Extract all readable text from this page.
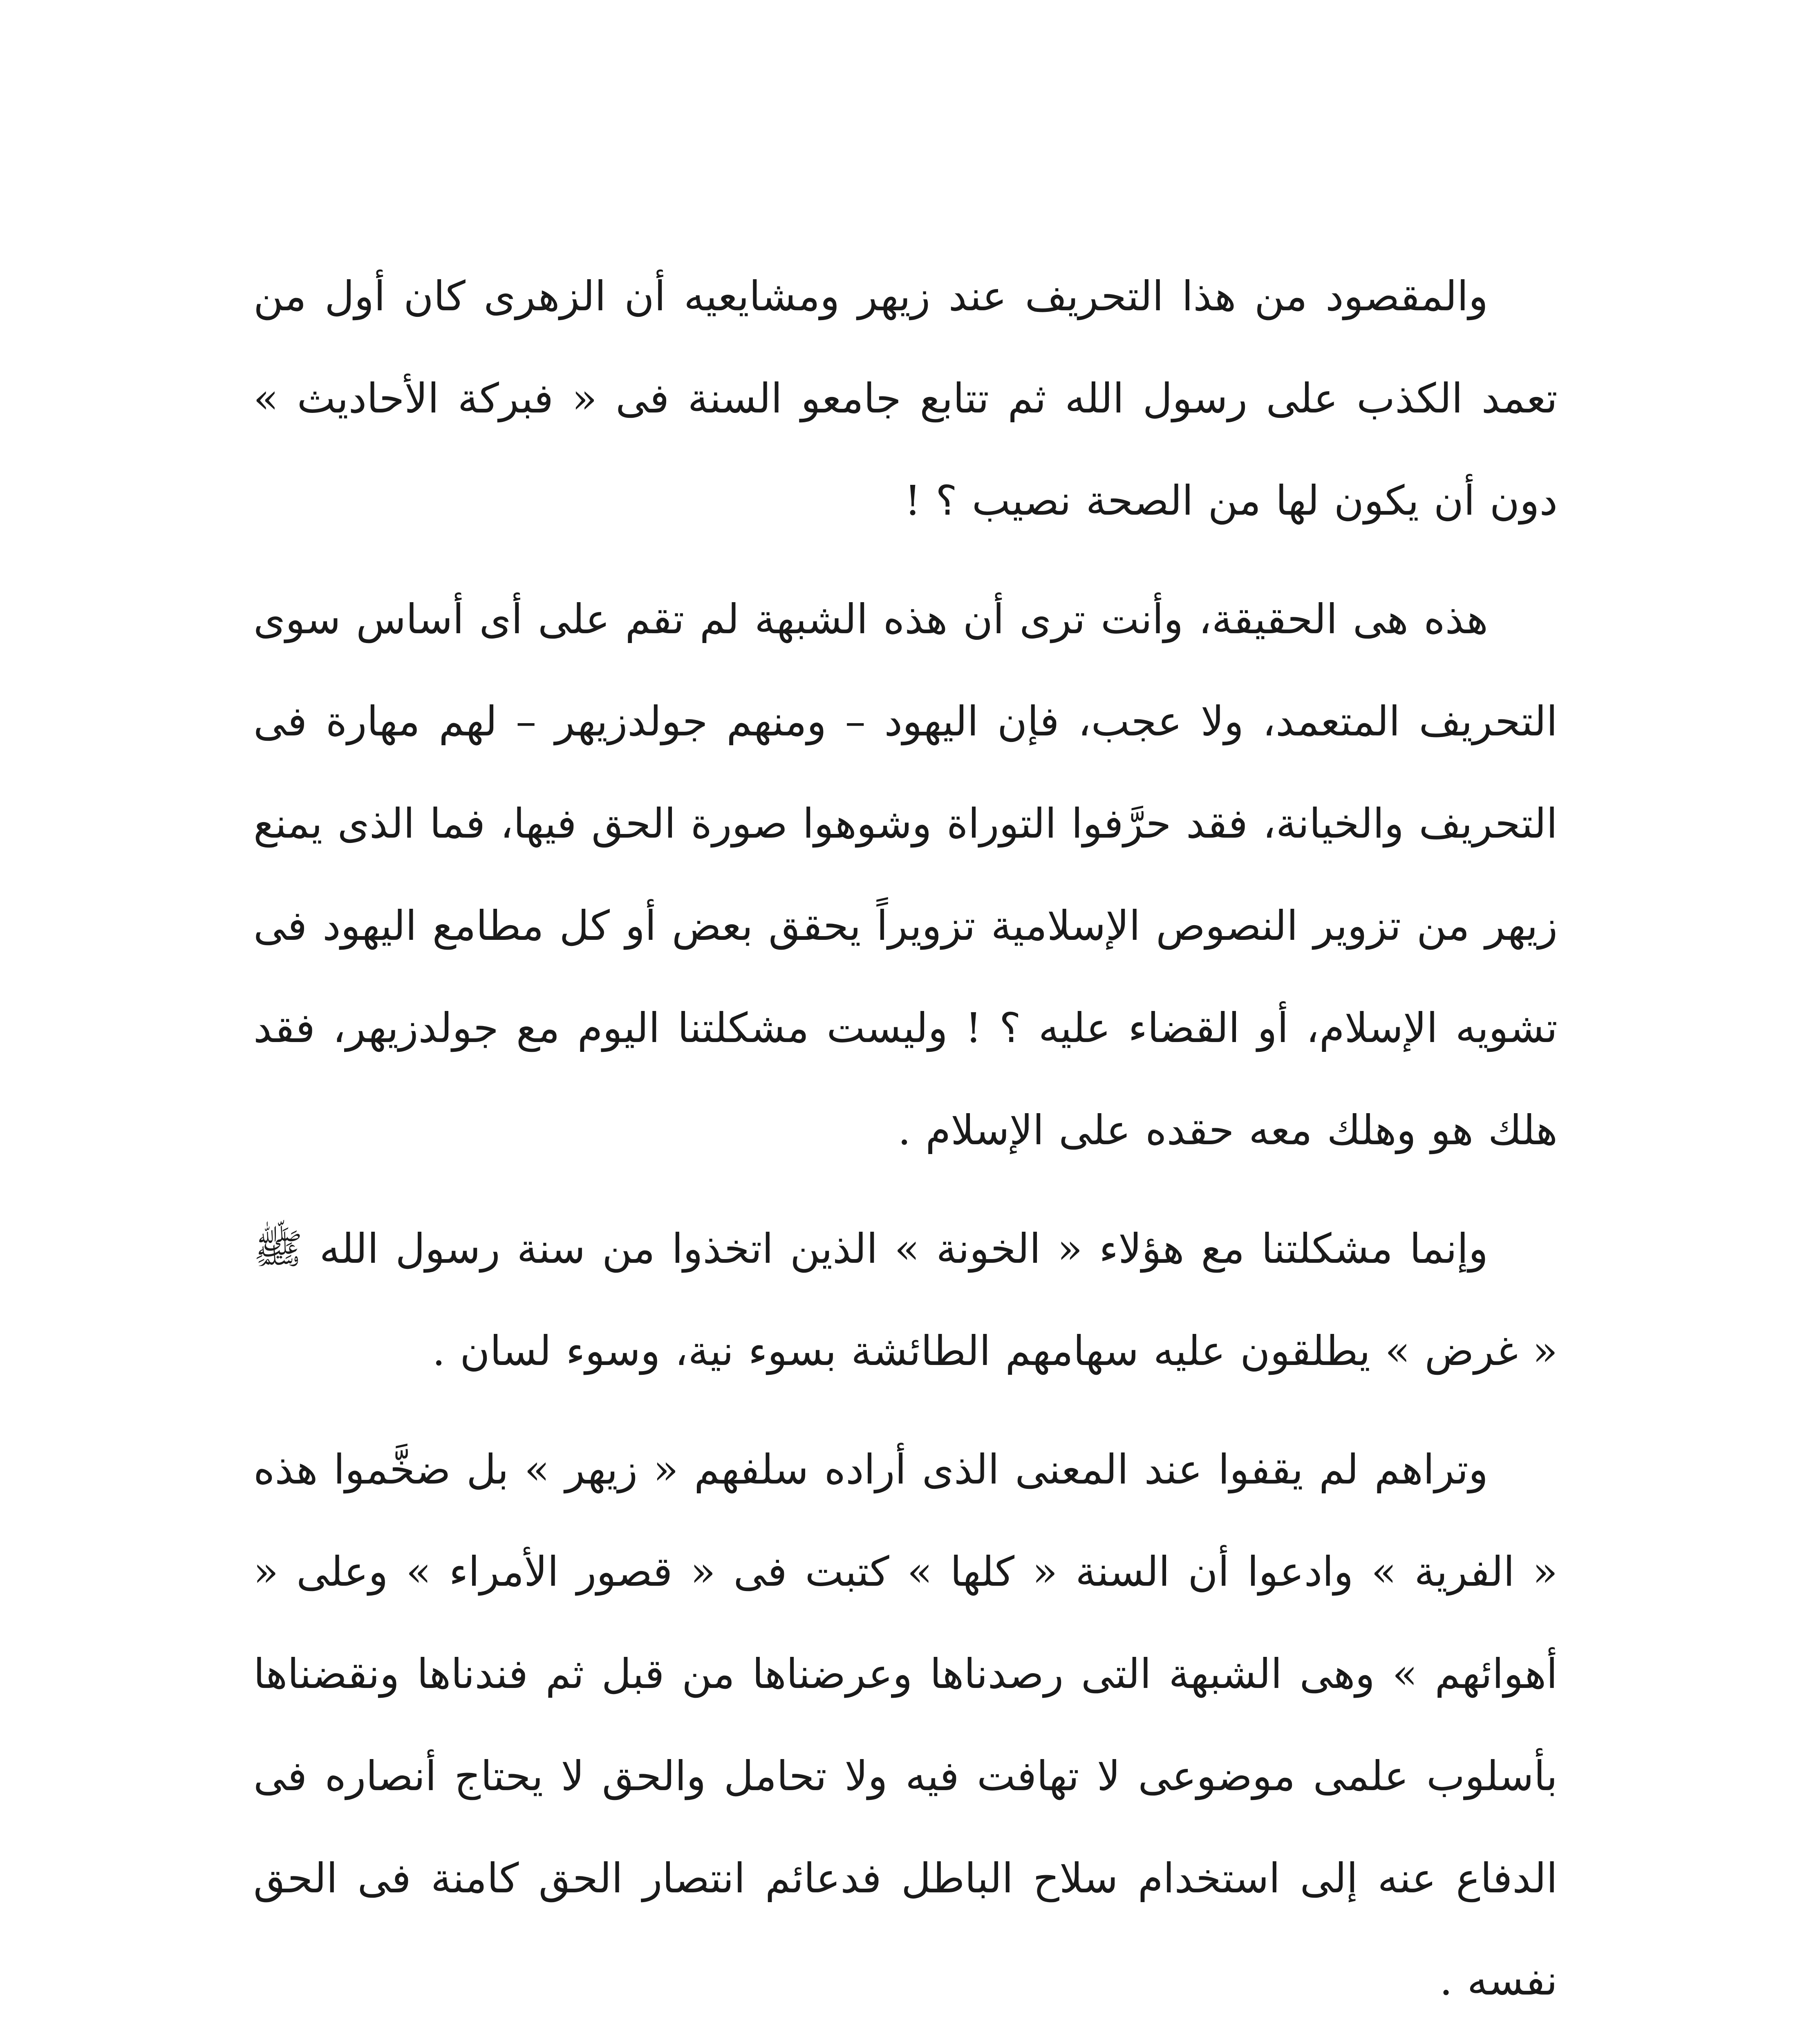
والمقصود من هذا التحريف عند زيهر ومشايعيه أن الزهرى كان أول من تعمد الكذب على رسول الله ثم تتابع جامعو السنة فى « فبركة الأحاديث » دون أن يكون لها من الصحة نصيب ؟ !

هذه هى الحقيقة، وأنت ترى أن هذه الشبهة لم تقم على أى أساس سوى التحريف المتعمد، ولا عجب، فإن اليهود – ومنهم جولدزيهر – لهم مهارة فى التحريف والخيانة، فقد حرَّفوا التوراة وشوهوا صورة الحق فيها، فما الذى يمنع زيهر من تزوير النصوص الإسلامية تزويراً يحقق بعض أو كل مطامع اليهود فى تشويه الإسلام، أو القضاء عليه ؟ ! وليست مشكلتنا اليوم مع جولدزيهر، فقد هلك هو وهلك معه حقده على الإسلام .

وإنما مشكلتنا مع هؤلاء « الخونة » الذين اتخذوا من سنة رسول الله ﷺ « غرض » يطلقون عليه سهامهم الطائشة بسوء نية، وسوء لسان .

وتراهم لم يقفوا عند المعنى الذى أراده سلفهم « زيهر » بل ضخَّموا هذه « الفرية » وادعوا أن السنة « كلها » كتبت فى « قصور الأمراء » وعلى « أهوائهم » وهى الشبهة التى رصدناها وعرضناها من قبل ثم فندناها ونقضناها بأسلوب علمى موضوعى لا تهافت فيه ولا تحامل والحق لا يحتاج أنصاره فى الدفاع عنه إلى استخدام سلاح الباطل فدعائم انتصار الحق كامنة فى الحق نفسه .
